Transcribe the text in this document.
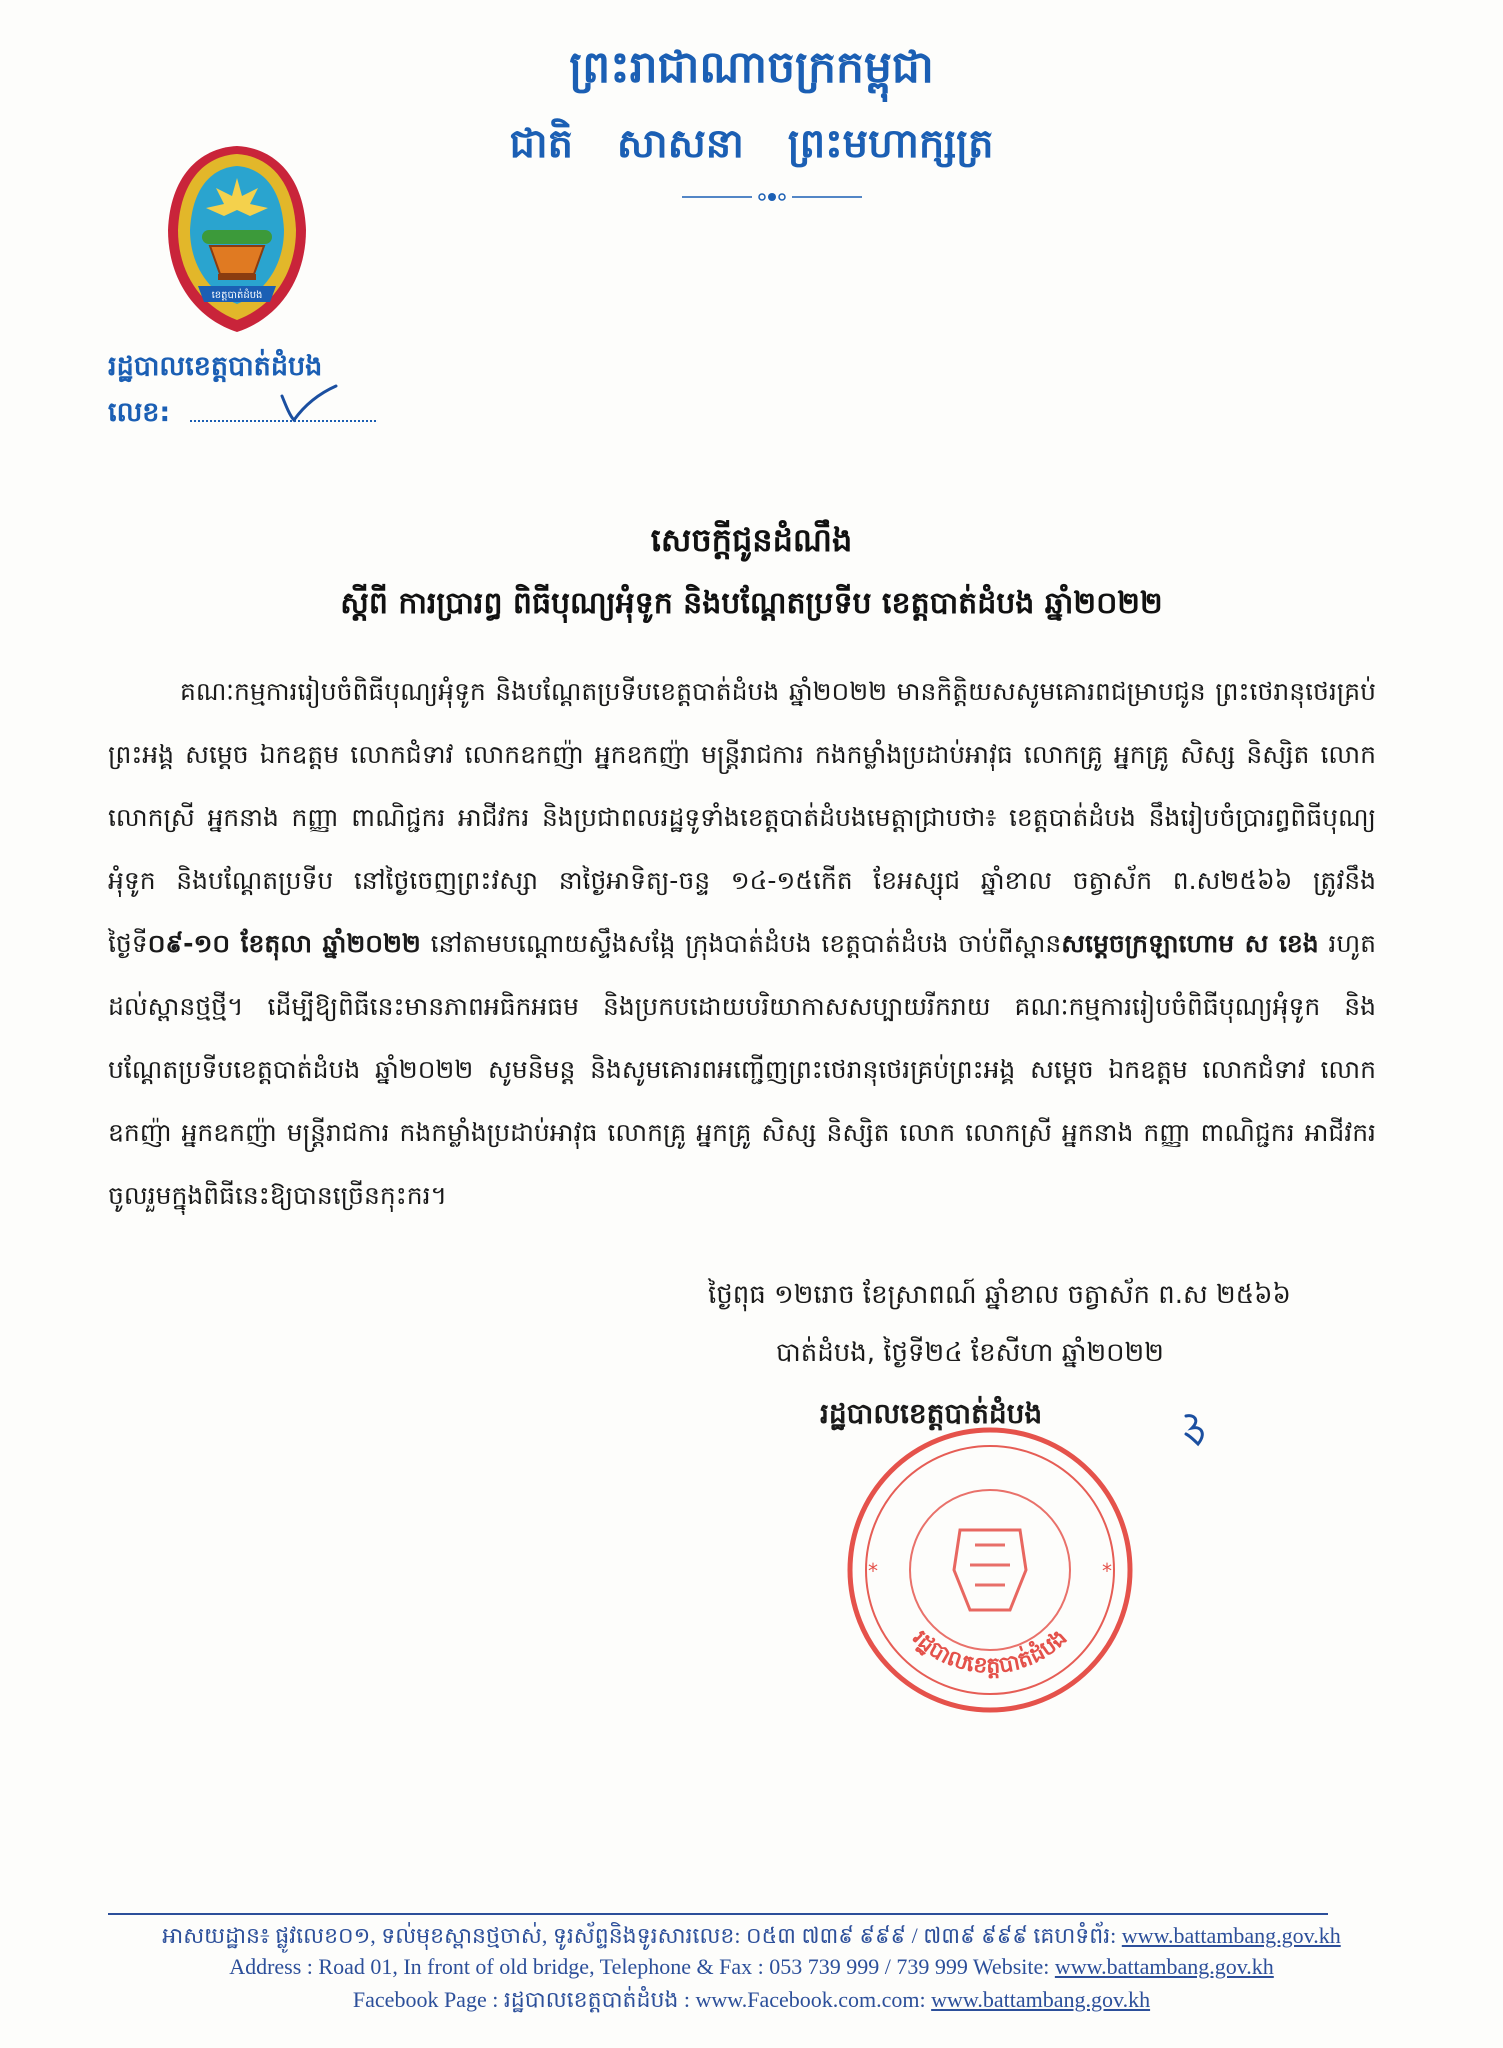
ព្រះរាជាណាចក្រកម្ពុជា
ជាតិ សាសនា ព្រះមហាក្សត្រ
ខេត្តបាត់ដំបង
រដ្ឋបាលខេត្តបាត់ដំបង
លេខ:
សេចក្តីជូនដំណឹង
ស្តីពី ការប្រារព្ធ ពិធីបុណ្យអុំទូក និងបណ្តែតប្រទីប ខេត្តបាត់ដំបង ឆ្នាំ២០២២
គណៈកម្មការរៀបចំពិធីបុណ្យអុំទូក និងបណ្តែតប្រទីបខេត្តបាត់ដំបង ឆ្នាំ២០២២ មានកិត្តិយសសូមគោរពជម្រាបជូន ព្រះថេរានុថេរគ្រប់ព្រះអង្គ សម្តេច ឯកឧត្តម លោកជំទាវ លោកឧកញ៉ា អ្នកឧកញ៉ា មន្ត្រីរាជការ កងកម្លាំងប្រដាប់អាវុធ លោកគ្រូ អ្នកគ្រូ សិស្ស និស្សិត លោក លោកស្រី អ្នកនាង កញ្ញា ពាណិជ្ជករ អាជីវករ និងប្រជាពលរដ្ឋទូទាំងខេត្តបាត់ដំបងមេត្តាជ្រាបថា៖ ខេត្តបាត់ដំបង នឹងរៀបចំប្រារព្ធពិធីបុណ្យអុំទូក និងបណ្តែតប្រទីប នៅថ្ងៃចេញព្រះវស្សា នាថ្ងៃអាទិត្យ-ចន្ទ ១៤-១៥កើត ខែអស្សុជ ឆ្នាំខាល ចត្វាស័ក ព.ស២៥៦៦ ត្រូវនឹងថ្ងៃទី០៩-១០ ខែតុលា ឆ្នាំ២០២២ នៅតាមបណ្តោយស្ទឹងសង្កែ ក្រុងបាត់ដំបង ខេត្តបាត់ដំបង ចាប់ពីស្ពានសម្តេចក្រឡាហោម ស ខេង រហូតដល់ស្ពានថ្មថ្មី។ ដើម្បីឱ្យពិធីនេះមានភាពអធិកអធម និងប្រកបដោយបរិយាកាសសប្បាយរីករាយ គណៈកម្មការរៀបចំពិធីបុណ្យអុំទូក និងបណ្តែតប្រទីបខេត្តបាត់ដំបង ឆ្នាំ២០២២ សូមនិមន្ត និងសូមគោរពអញ្ជើញព្រះថេរានុថេរគ្រប់ព្រះអង្គ សម្តេច ឯកឧត្តម លោកជំទាវ លោកឧកញ៉ា អ្នកឧកញ៉ា មន្ត្រីរាជការ កងកម្លាំងប្រដាប់អាវុធ លោកគ្រូ អ្នកគ្រូ សិស្ស និស្សិត លោក លោកស្រី អ្នកនាង កញ្ញា ពាណិជ្ជករ អាជីវករ ចូលរួមក្នុងពិធីនេះឱ្យបានច្រើនកុះករ។
ថ្ងៃពុធ ១២រោច ខែស្រាពណ៍ ឆ្នាំខាល ចត្វាស័ក ព.ស ២៥៦៦
បាត់ដំបង, ថ្ងៃទី២៤ ខែសីហា ឆ្នាំ២០២២
*	*
រដ្ឋបាលខេត្តបាត់ដំបង
រដ្ឋបាលខេត្តបាត់ដំបង
អាសយដ្ឋាន៖ ផ្លូវលេខ០១, ទល់មុខស្ពានថ្មចាស់, ទូរស័ព្ទនិងទូរសារលេខ: ០៥៣ ៧៣៩ ៩៩៩ / ៧៣៩ ៩៩៩ គេហទំព័រ: www.battambang.gov.kh
Address : Road 01, In front of old bridge, Telephone & Fax : 053 739 999 / 739 999 Website: www.battambang.gov.kh
Facebook Page : រដ្ឋបាលខេត្តបាត់ដំបង : www.Facebook.com.com: www.battambang.gov.kh
